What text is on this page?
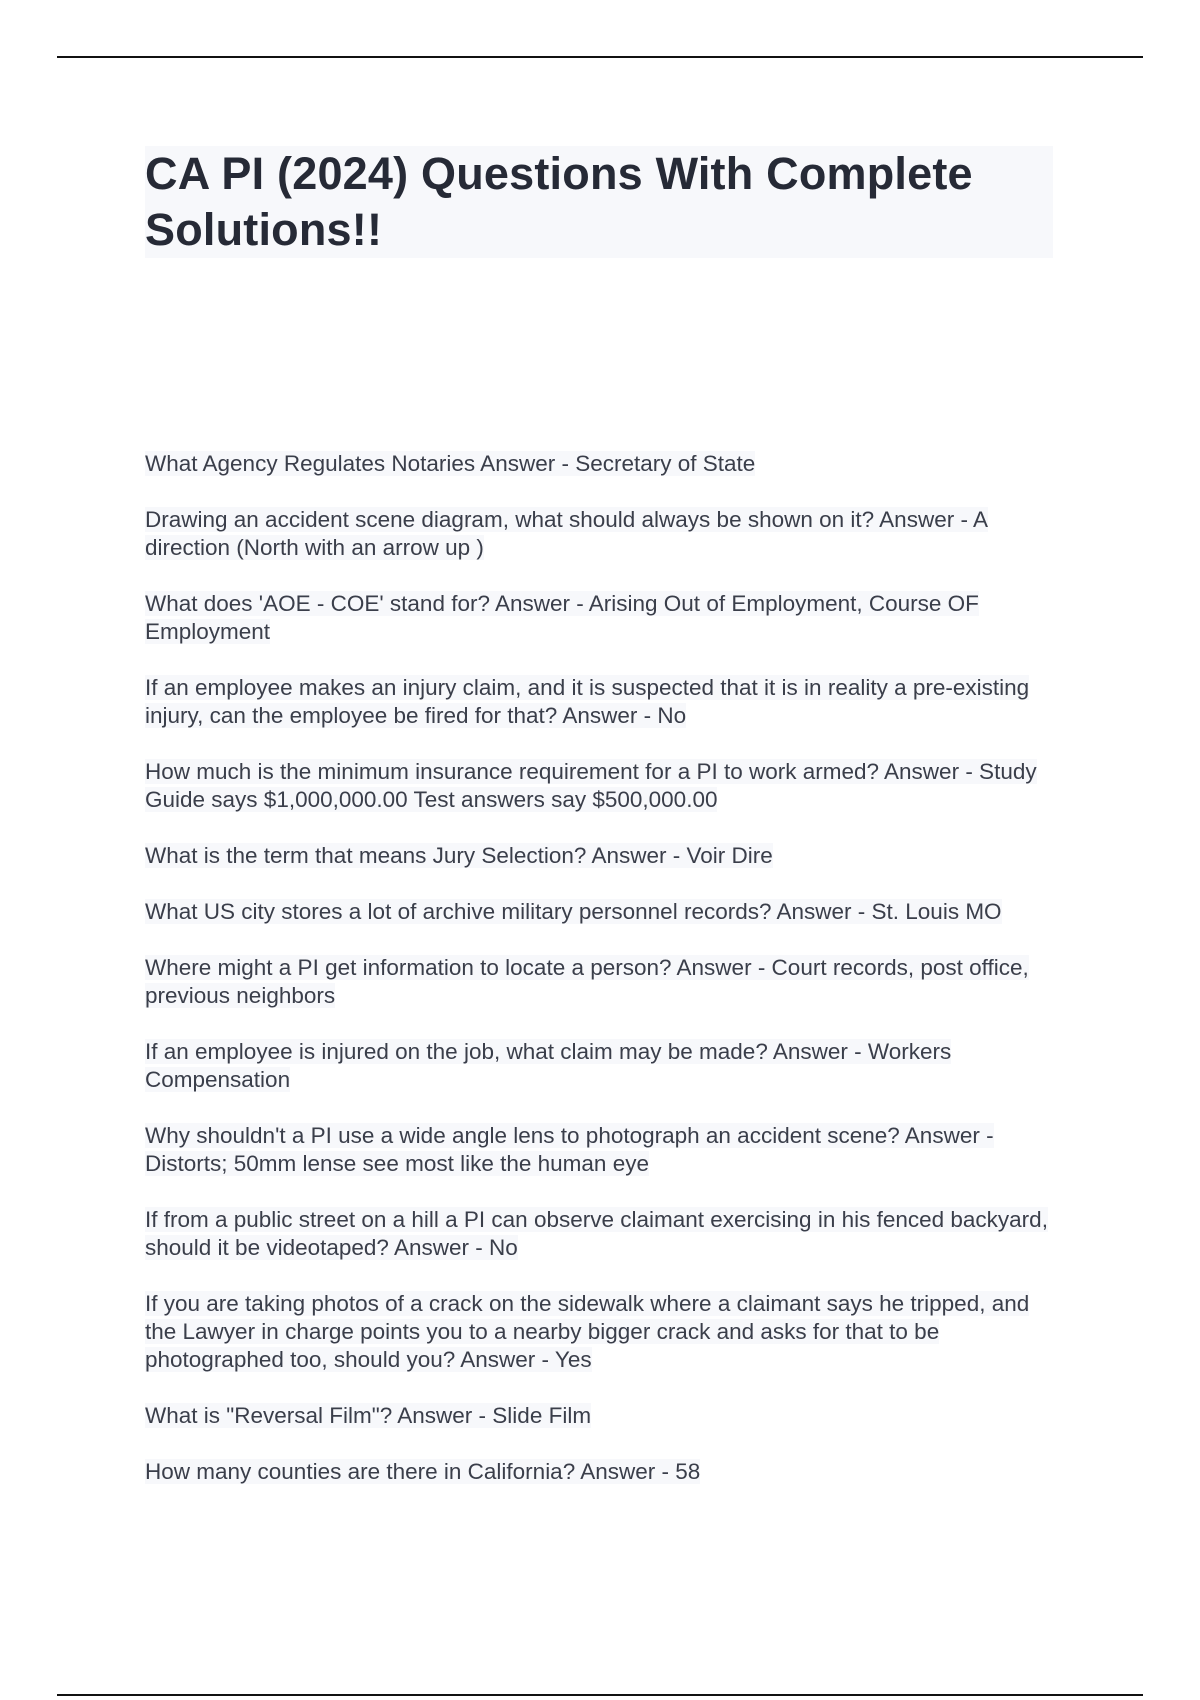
CA PI (2024) Questions With Complete
Solutions!!

What Agency Regulates Notaries Answer - Secretary of State

Drawing an accident scene diagram, what should always be shown on it? Answer - A direction (North with an arrow up )

What does 'AOE - COE' stand for? Answer - Arising Out of Employment, Course OF Employment

If an employee makes an injury claim, and it is suspected that it is in reality a pre-existing injury, can the employee be fired for that? Answer - No

How much is the minimum insurance requirement for a PI to work armed? Answer - Study Guide says $1,000,000.00 Test answers say $500,000.00

What is the term that means Jury Selection? Answer - Voir Dire

What US city stores a lot of archive military personnel records? Answer - St. Louis MO

Where might a PI get information to locate a person? Answer - Court records, post office, previous neighbors

If an employee is injured on the job, what claim may be made? Answer - Workers Compensation

Why shouldn't a PI use a wide angle lens to photograph an accident scene? Answer - Distorts; 50mm lense see most like the human eye

If from a public street on a hill a PI can observe claimant exercising in his fenced backyard, should it be videotaped? Answer - No

If you are taking photos of a crack on the sidewalk where a claimant says he tripped, and the Lawyer in charge points you to a nearby bigger crack and asks for that to be photographed too, should you? Answer - Yes

What is "Reversal Film"? Answer - Slide Film

How many counties are there in California? Answer - 58
